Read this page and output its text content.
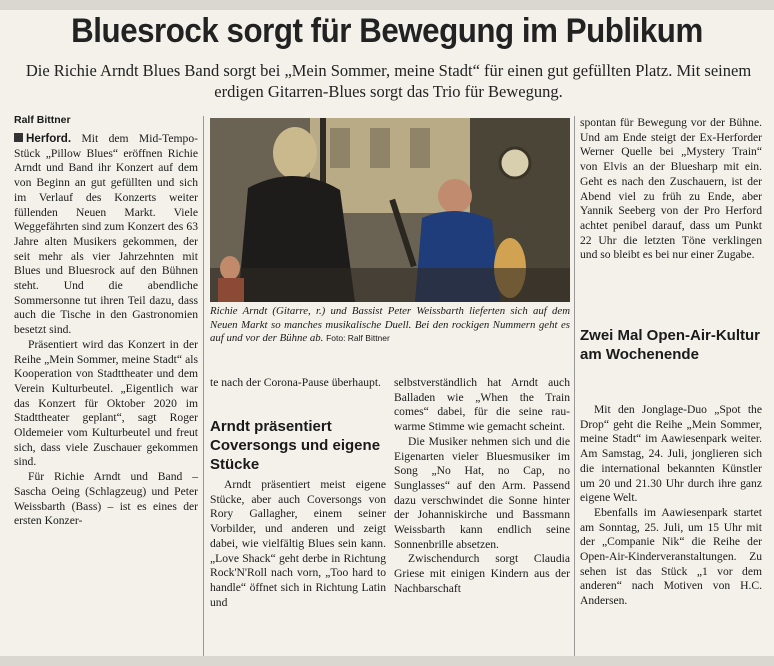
Bluesrock sorgt für Bewegung im Publikum
Die Richie Arndt Blues Band sorgt bei „Mein Sommer, meine Stadt“ für einen gut gefüllten Platz. Mit seinem erdigen Gitarren-Blues sorgt das Trio für Bewegung.
Ralf Bittner

Herford. Mit dem Mid-Tempo-Stück „Pillow Blues“ eröffnen Richie Arndt und Band ihr Konzert auf dem von Beginn an gut gefüllten und sich im Verlauf des Konzerts weiter füllenden Neuen Markt. Viele Weggefährten sind zum Konzert des 63 Jahre alten Musikers gekommen, der seit mehr als vier Jahrzehnten mit Blues und Bluesrock auf den Bühnen steht. Und die abendliche Sommersonne tut ihren Teil dazu, dass auch die Tische in den Gastronomien besetzt sind.

Präsentiert wird das Konzert in der Reihe „Mein Sommer, meine Stadt“ als Kooperation von Stadttheater und dem Verein Kulturbeutel. „Eigentlich war das Konzert für Oktober 2020 im Stadttheater geplant“, sagt Roger Oldemeier vom Kulturbeutel und freut sich, dass viele Zuschauer gekommen sind.

Für Richie Arndt und Band – Sascha Oeing (Schlagzeug) und Peter Weissbarth (Bass) – ist es eines der ersten Konzer-

Richie Arndt (Gitarre, r.) und Bassist Peter Weissbarth lieferten sich auf dem Neuen Markt so manches musikalische Duell. Bei den rockigen Nummern geht es auf und vor der Bühne ab. Foto: Ralf Bittner

te nach der Corona-Pause überhaupt.

Arndt präsentiert Coversongs und eigene Stücke

Arndt präsentiert meist eigene Stücke, aber auch Coversongs von Rory Gallagher, einem seiner Vorbilder, und anderen und zeigt dabei, wie vielfältig Blues sein kann. „Love Shack“ geht derbe in Richtung Rock'N'Roll nach vorn, „Too hard to handle“ öffnet sich in Richtung Latin und

selbstverständlich hat Arndt auch Balladen wie „When the Train comes“ dabei, für die seine rau-warme Stimme wie gemacht scheint.

Die Musiker nehmen sich und die Eigenarten vieler Bluesmusiker im Song „No Hat, no Cap, no Sunglasses“ auf den Arm. Passend dazu verschwindet die Sonne hinter der Johanniskirche und Bassmann Weissbarth kann endlich seine Sonnenbrille absetzen.

Zwischendurch sorgt Claudia Griese mit einigen Kindern aus der Nachbarschaft

spontan für Bewegung vor der Bühne. Und am Ende steigt der Ex-Herforder Werner Quelle bei „Mystery Train“ von Elvis an der Bluesharp mit ein. Geht es nach den Zuschauern, ist der Abend viel zu früh zu Ende, aber Yannik Seeberg von der Pro Herford achtet penibel darauf, dass um Punkt 22 Uhr die letzten Töne verklingen und so bleibt es bei nur einer Zugabe.

Zwei Mal Open-Air-Kultur am Wochenende

Mit den Jonglage-Duo „Spot the Drop“ geht die Reihe „Mein Sommer, meine Stadt“ im Aawiesenpark weiter. Am Samstag, 24. Juli, jonglieren sich die international bekannten Künstler um 20 und 21.30 Uhr durch ihre ganz eigene Welt.

Ebenfalls im Aawiesenpark startet am Sonntag, 25. Juli, um 15 Uhr mit der „Companie Nik“ die Reihe der Open-Air-Kinderveranstaltungen. Zu sehen ist das Stück „1 vor dem anderen“ nach Motiven von H.C. Andersen.
